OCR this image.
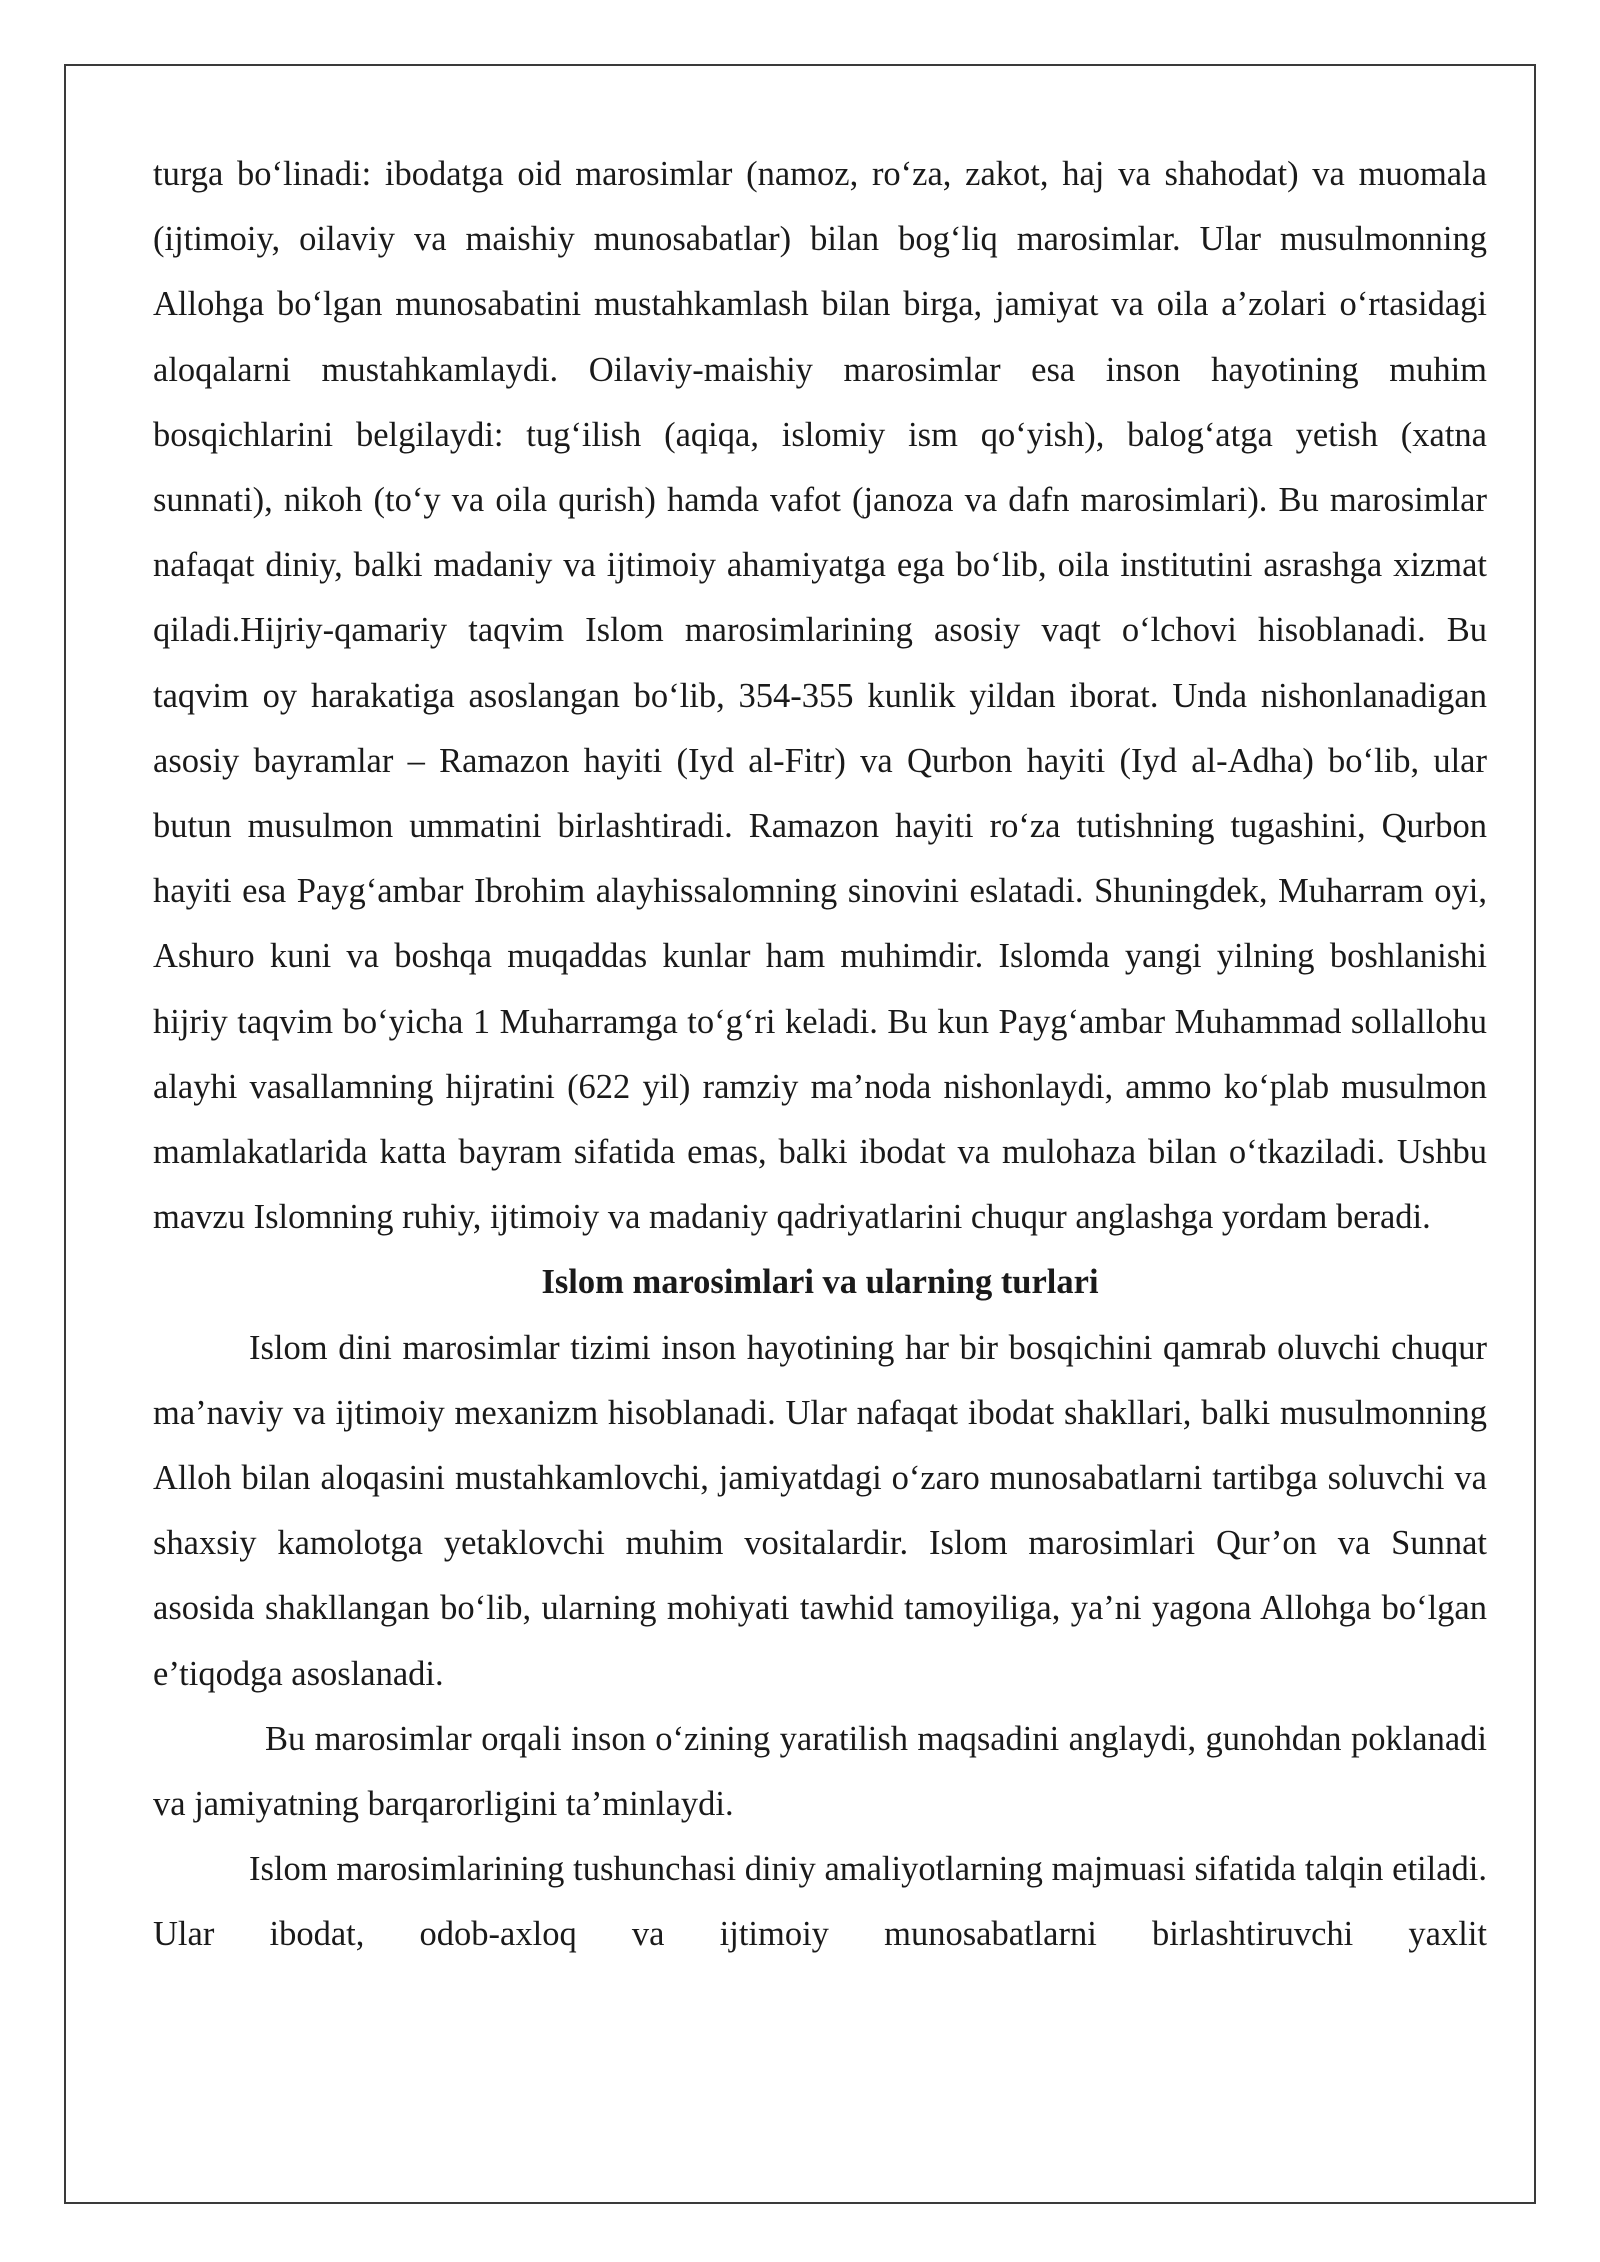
turga boʻlinadi: ibodatga oid marosimlar (namoz, roʻza, zakot, haj va shahodat) va muomala (ijtimoiy, oilaviy va maishiy munosabatlar) bilan bogʻliq marosimlar. Ular musulmonning Allohga boʻlgan munosabatini mustahkamlash bilan birga, jamiyat va oila a’zolari oʻrtasidagi aloqalarni mustahkamlaydi. Oilaviy-maishiy marosimlar esa inson hayotining muhim bosqichlarini belgilaydi: tugʻilish (aqiqa, islomiy ism qoʻyish), balogʻatga yetish (xatna sunnati), nikoh (toʻy va oila qurish) hamda vafot (janoza va dafn marosimlari). Bu marosimlar nafaqat diniy, balki madaniy va ijtimoiy ahamiyatga ega boʻlib, oila institutini asrashga xizmat qiladi.Hijriy-qamariy taqvim Islom marosimlarining asosiy vaqt oʻlchovi hisoblanadi. Bu taqvim oy harakatiga asoslangan boʻlib, 354-355 kunlik yildan iborat. Unda nishonlanadigan asosiy bayramlar – Ramazon hayiti (Iyd al-Fitr) va Qurbon hayiti (Iyd al-Adha) boʻlib, ular butun musulmon ummatini birlashtiradi. Ramazon hayiti roʻza tutishning tugashini, Qurbon hayiti esa Paygʻambar Ibrohim alayhissalomning sinovini eslatadi. Shuningdek, Muharram oyi, Ashuro kuni va boshqa muqaddas kunlar ham muhimdir. Islomda yangi yilning boshlanishi hijriy taqvim boʻyicha 1 Muharramga toʻgʻri keladi. Bu kun Paygʻambar Muhammad sollallohu alayhi vasallamning hijratini (622 yil) ramziy ma’noda nishonlaydi, ammo koʻplab musulmon mamlakatlarida katta bayram sifatida emas, balki ibodat va mulohaza bilan oʻtkaziladi. Ushbu mavzu Islomning ruhiy, ijtimoiy va madaniy qadriyatlarini chuqur anglashga yordam beradi.

Islom marosimlari va ularning turlari

Islom dini marosimlar tizimi inson hayotining har bir bosqichini qamrab oluvchi chuqur ma’naviy va ijtimoiy mexanizm hisoblanadi. Ular nafaqat ibodat shakllari, balki musulmonning Alloh bilan aloqasini mustahkamlovchi, jamiyatdagi oʻzaro munosabatlarni tartibga soluvchi va shaxsiy kamolotga yetaklovchi muhim vositalardir. Islom marosimlari Qur’on va Sunnat asosida shakllangan boʻlib, ularning mohiyati tawhid tamoyiliga, ya’ni yagona Allohga boʻlgan e’tiqodga asoslanadi.

Bu marosimlar orqali inson oʻzining yaratilish maqsadini anglaydi, gunohdan poklanadi va jamiyatning barqarorligini ta’minlaydi.

Islom marosimlarining tushunchasi diniy amaliyotlarning majmuasi sifatida talqin etiladi. Ular ibodat, odob-axloq va ijtimoiy munosabatlarni birlashtiruvchi yaxlit
